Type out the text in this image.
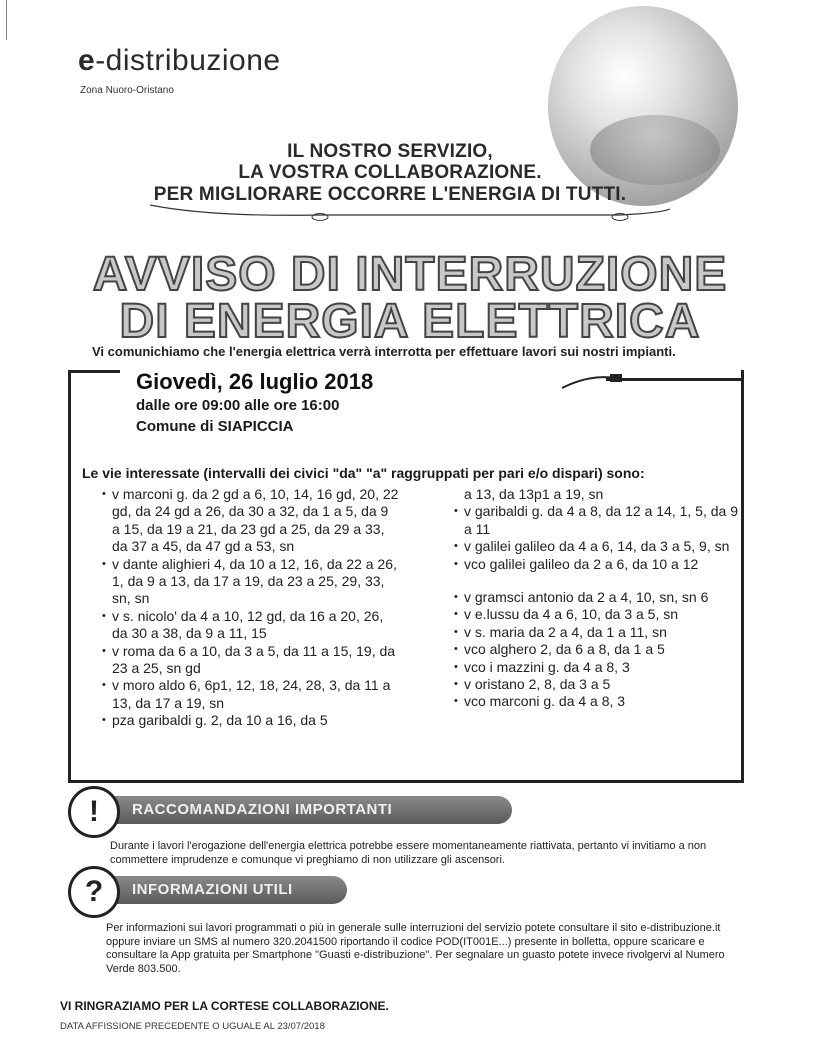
e-distribuzione
Zona Nuoro-Oristano
IL NOSTRO SERVIZIO,
LA VOSTRA COLLABORAZIONE.
PER MIGLIORARE OCCORRE L'ENERGIA DI TUTTI.
AVVISO DI INTERRUZIONE
DI ENERGIA ELETTRICA
Vi comunichiamo che l'energia elettrica verrà interrotta per effettuare lavori sui nostri impianti.
Giovedì, 26 luglio 2018
dalle ore 09:00 alle ore 16:00
Comune di SIAPICCIA
Le vie interessate (intervalli dei civici "da" "a" raggruppati per pari e/o dispari) sono:
• v marconi g. da 2 gd a 6, 10, 14, 16 gd, 20, 22 gd, da 24 gd a 26, da 30 a 32, da 1 a 5, da 9 a 15, da 19 a 21, da 23 gd a 25, da 29 a 33, da 37 a 45, da 47 gd a 53, sn
• v dante alighieri 4, da 10 a 12, 16, da 22 a 26, 1, da 9 a 13, da 17 a 19, da 23 a 25, 29, 33, sn, sn
• v s. nicolo' da 4 a 10, 12 gd, da 16 a 20, 26, da 30 a 38, da 9 a 11, 15
• v roma da 6 a 10, da 3 a 5, da 11 a 15, 19, da 23 a 25, sn gd
• v moro aldo 6, 6p1, 12, 18, 24, 28, 3, da 11 a 13, da 17 a 19, sn
• pza garibaldi g. 2, da 10 a 16, da 5
a 13, da 13p1 a 19, sn
• v garibaldi g. da 4 a 8, da 12 a 14, 1, 5, da 9 a 11
• v galilei galileo da 4 a 6, 14, da 3 a 5, 9, sn
• vco galilei galileo da 2 a 6, da 10 a 12
• v gramsci antonio da 2 a 4, 10, sn, sn 6
• v e.lussu da 4 a 6, 10, da 3 a 5, sn
• v s. maria da 2 a 4, da 1 a 11, sn
• vco alghero 2, da 6 a 8, da 1 a 5
• vco i mazzini g. da 4 a 8, 3
• v oristano 2, 8, da 3 a 5
• vco marconi g. da 4 a 8, 3
RACCOMANDAZIONI IMPORTANTI
!
Durante i lavori l'erogazione dell'energia elettrica potrebbe essere momentaneamente riattivata, pertanto vi invitiamo a non commettere imprudenze e comunque vi preghiamo di non utilizzare gli ascensori.
INFORMAZIONI UTILI
?
Per informazioni sui lavori programmati o più in generale sulle interruzioni del servizio potete consultare il sito e-distribuzione.it oppure inviare un SMS al numero 320.2041500 riportando il codice POD(IT001E...) presente in bolletta, oppure scaricare e consultare la App gratuita per Smartphone "Guasti e-distribuzione". Per segnalare un guasto potete invece rivolgervi al Numero Verde 803.500.
VI RINGRAZIAMO PER LA CORTESE COLLABORAZIONE.
DATA AFFISSIONE PRECEDENTE O UGUALE AL 23/07/2018
